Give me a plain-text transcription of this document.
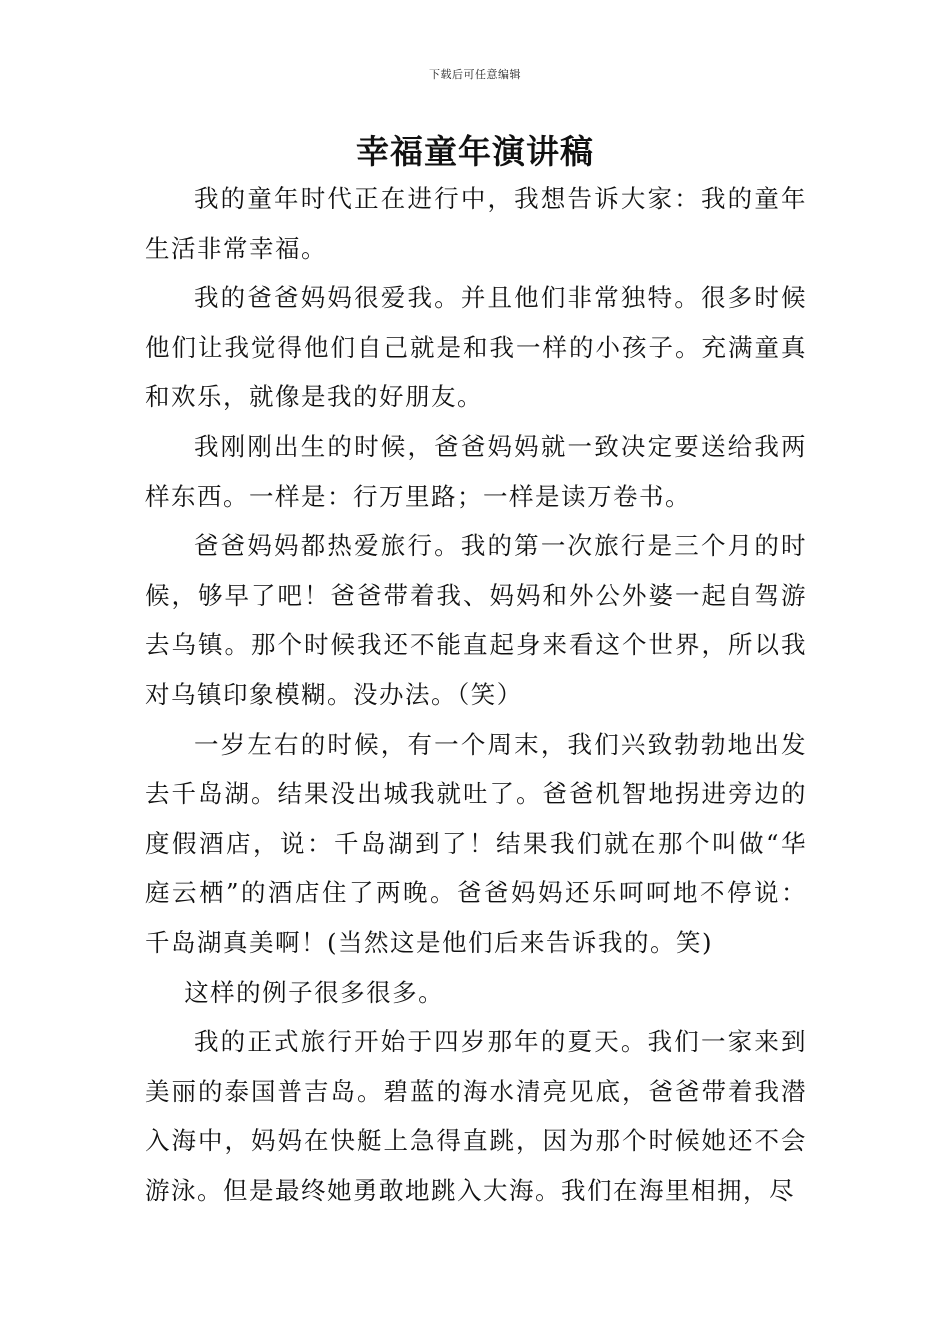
下载后可任意编辑
幸福童年演讲稿

我的童年时代正在进行中，我想告诉大家：我的童年生活非常幸福。

我的爸爸妈妈很爱我。并且他们非常独特。很多时候他们让我觉得他们自己就是和我一样的小孩子。充满童真和欢乐，就像是我的好朋友。

我刚刚出生的时候，爸爸妈妈就一致决定要送给我两样东西。一样是：行万里路；一样是读万卷书。

爸爸妈妈都热爱旅行。我的第一次旅行是三个月的时候，够早了吧！爸爸带着我、妈妈和外公外婆一起自驾游去乌镇。那个时候我还不能直起身来看这个世界，所以我对乌镇印象模糊。没办法。（笑）

一岁左右的时候，有一个周末，我们兴致勃勃地出发去千岛湖。结果没出城我就吐了。爸爸机智地拐进旁边的度假酒店，说：千岛湖到了！结果我们就在那个叫做“华庭云栖”的酒店住了两晚。爸爸妈妈还乐呵呵地不停说：千岛湖真美啊！(当然这是他们后来告诉我的。笑)

这样的例子很多很多。

我的正式旅行开始于四岁那年的夏天。我们一家来到美丽的泰国普吉岛。碧蓝的海水清亮见底，爸爸带着我潜入海中，妈妈在快艇上急得直跳，因为那个时候她还不会游泳。但是最终她勇敢地跳入大海。我们在海里相拥，尽
